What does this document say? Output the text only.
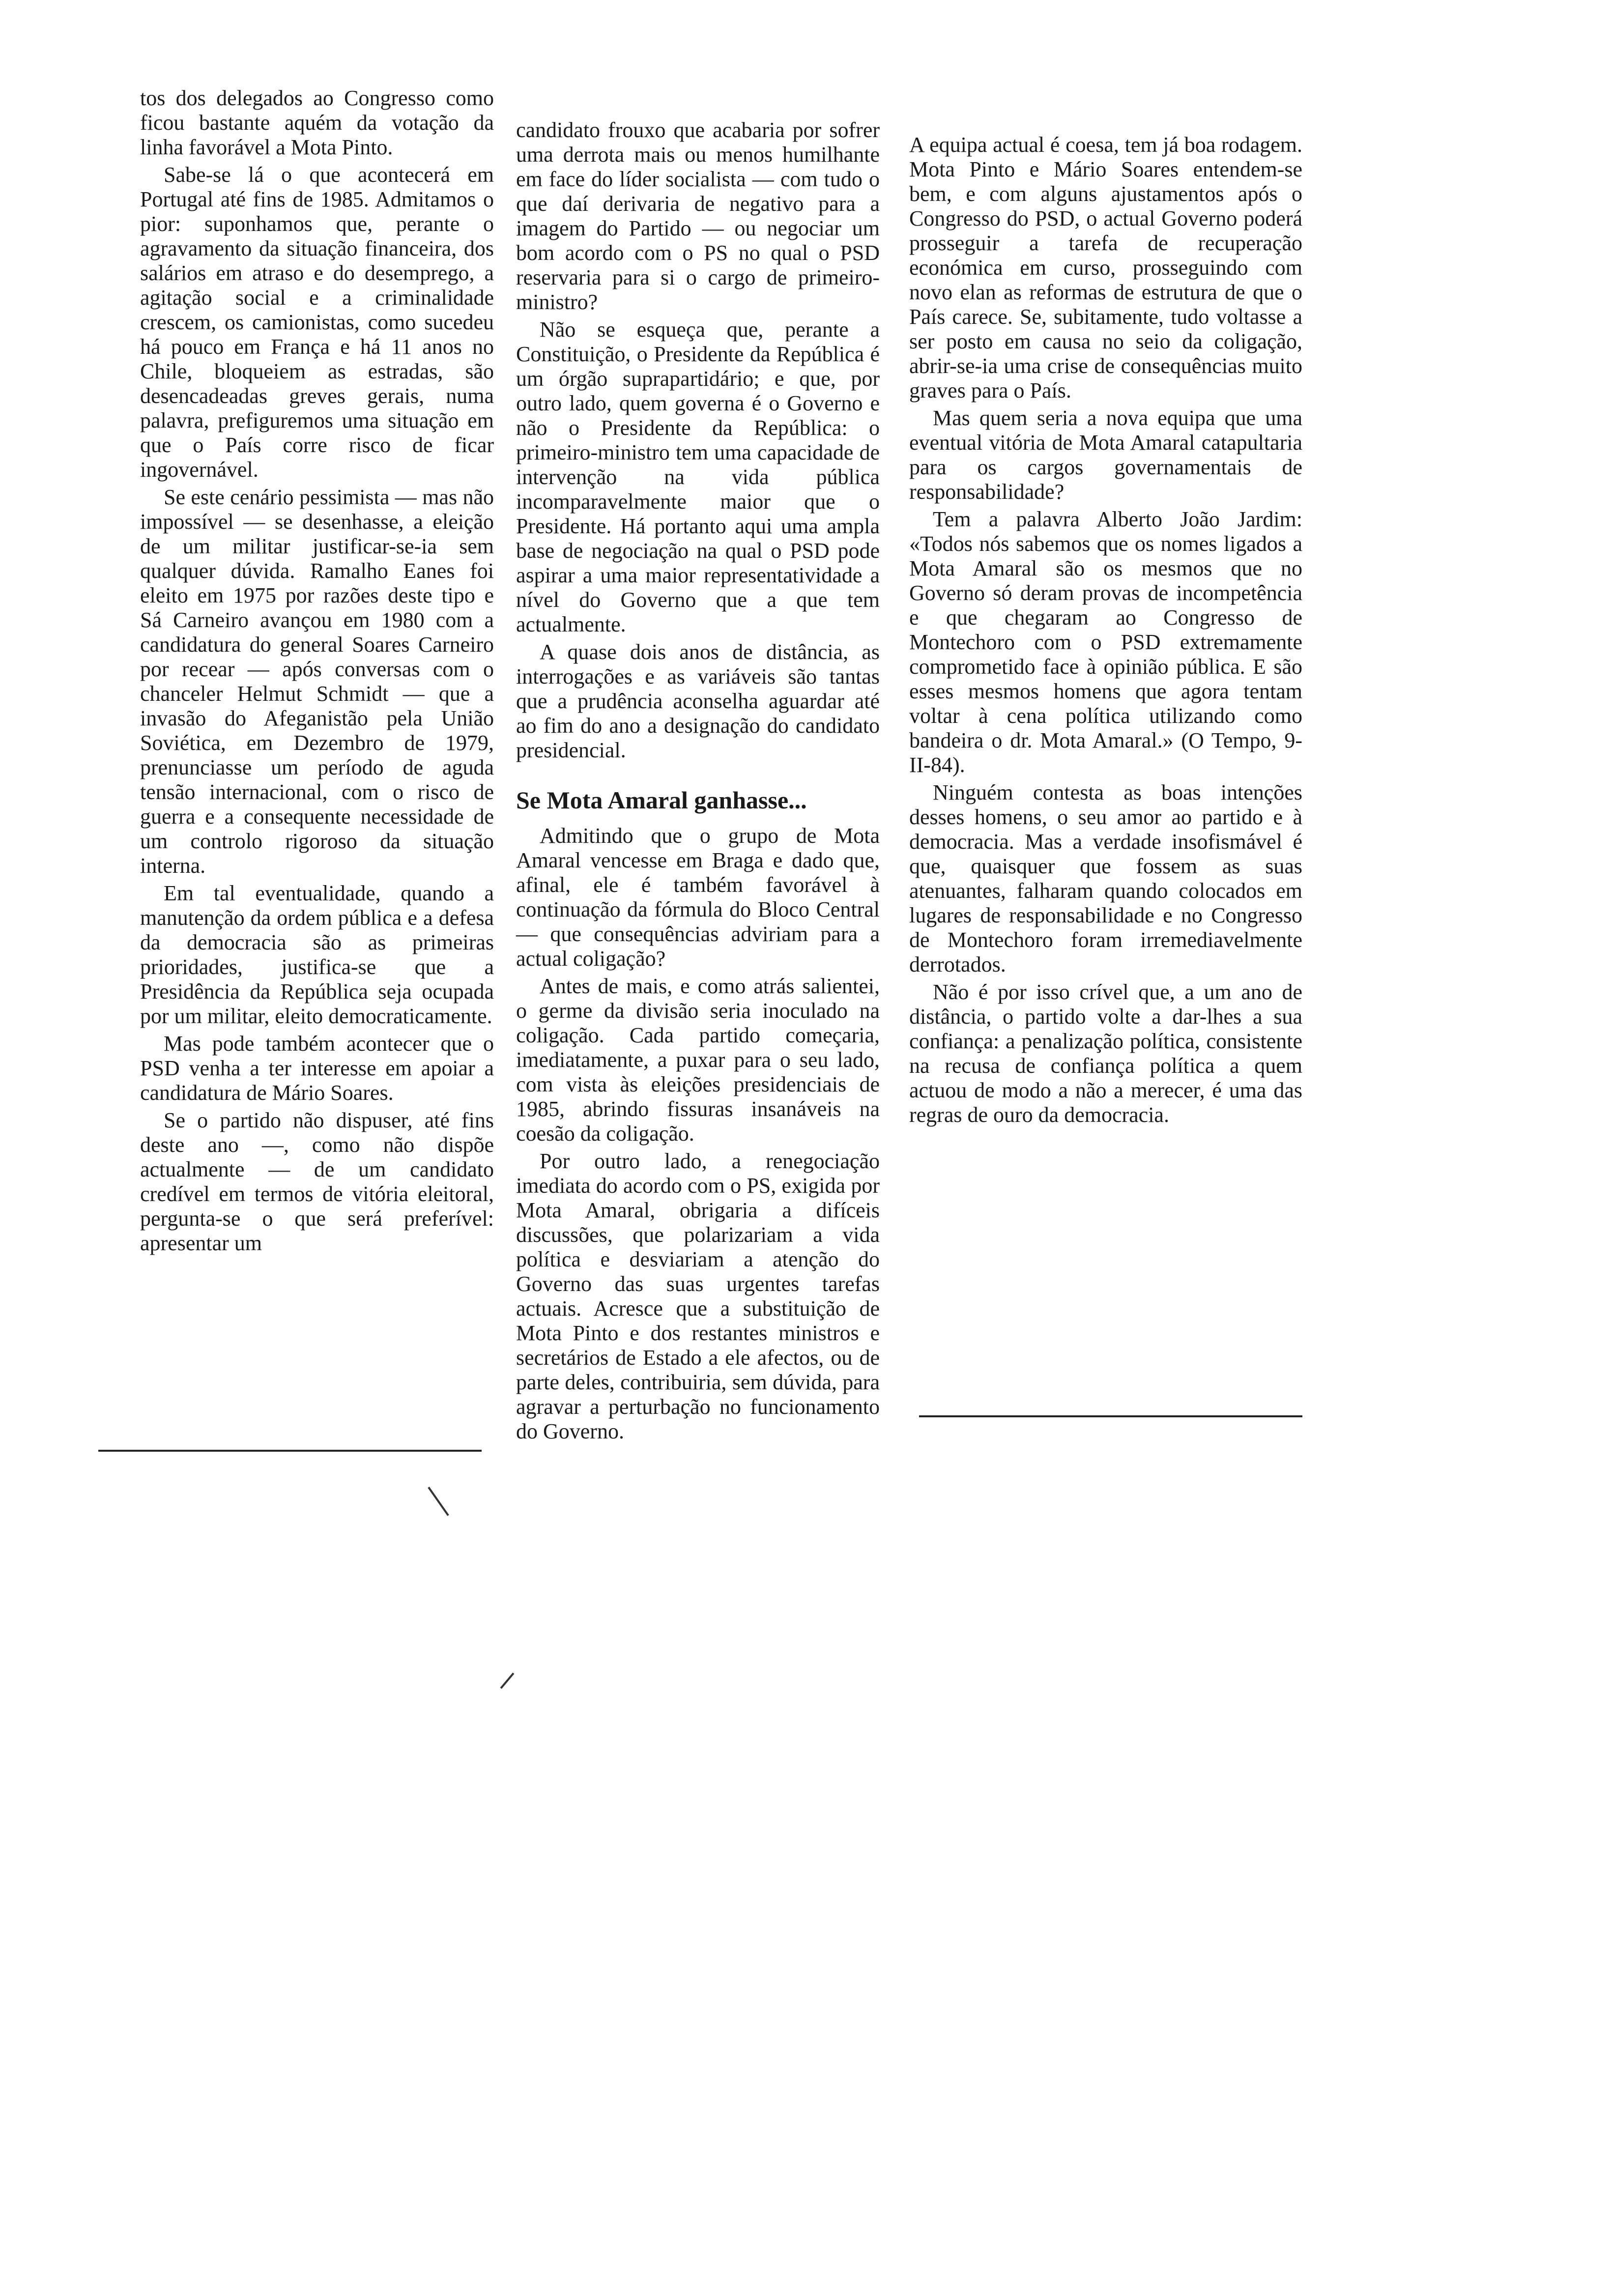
tos dos delegados ao Congresso como ficou bastante aquém da votação da linha favorável a Mota Pinto.

Sabe-se lá o que acontecerá em Portugal até fins de 1985. Admitamos o pior: suponhamos que, perante o agravamento da situação financeira, dos salários em atraso e do desemprego, a agitação social e a criminalidade crescem, os camionistas, como sucedeu há pouco em França e há 11 anos no Chile, bloqueiem as estradas, são desencadeadas greves gerais, numa palavra, prefiguremos uma situação em que o País corre risco de ficar ingovernável.

Se este cenário pessimista — mas não impossível — se desenhasse, a eleição de um militar justificar-se-ia sem qualquer dúvida. Ramalho Eanes foi eleito em 1975 por razões deste tipo e Sá Carneiro avançou em 1980 com a candidatura do general Soares Carneiro por recear — após conversas com o chanceler Helmut Schmidt — que a invasão do Afeganistão pela União Soviética, em Dezembro de 1979, prenunciasse um período de aguda tensão internacional, com o risco de guerra e a consequente necessidade de um controlo rigoroso da situação interna.

Em tal eventualidade, quando a manutenção da ordem pública e a defesa da democracia são as primeiras prioridades, justifica-se que a Presidência da República seja ocupada por um militar, eleito democraticamente.

Mas pode também acontecer que o PSD venha a ter interesse em apoiar a candidatura de Mário Soares.

Se o partido não dispuser, até fins deste ano —, como não dispõe actualmente — de um candidato credível em termos de vitória eleitoral, pergunta-se o que será preferível: apresentar um

candidato frouxo que acabaria por sofrer uma derrota mais ou menos humilhante em face do líder socialista — com tudo o que daí derivaria de negativo para a imagem do Partido — ou negociar um bom acordo com o PS no qual o PSD reservaria para si o cargo de primeiro-ministro?

Não se esqueça que, perante a Constituição, o Presidente da República é um órgão suprapartidário; e que, por outro lado, quem governa é o Governo e não o Presidente da República: o primeiro-ministro tem uma capacidade de intervenção na vida pública incomparavelmente maior que o Presidente. Há portanto aqui uma ampla base de negociação na qual o PSD pode aspirar a uma maior representatividade a nível do Governo que a que tem actualmente.

A quase dois anos de distância, as interrogações e as variáveis são tantas que a prudência aconselha aguardar até ao fim do ano a designação do candidato presidencial.

Se Mota Amaral ganhasse...

Admitindo que o grupo de Mota Amaral vencesse em Braga e dado que, afinal, ele é também favorável à continuação da fórmula do Bloco Central — que consequências adviriam para a actual coligação?

Antes de mais, e como atrás salientei, o germe da divisão seria inoculado na coligação. Cada partido começaria, imediatamente, a puxar para o seu lado, com vista às eleições presidenciais de 1985, abrindo fissuras insanáveis na coesão da coligação.

Por outro lado, a renegociação imediata do acordo com o PS, exigida por Mota Amaral, obrigaria a difíceis discussões, que polarizariam a vida política e desviariam a atenção do Governo das suas urgentes tarefas actuais. Acresce que a substituição de Mota Pinto e dos restantes ministros e secretários de Estado a ele afectos, ou de parte deles, contribuiria, sem dúvida, para agravar a perturbação no funcionamento do Governo.

A equipa actual é coesa, tem já boa rodagem. Mota Pinto e Mário Soares entendem-se bem, e com alguns ajustamentos após o Congresso do PSD, o actual Governo poderá prosseguir a tarefa de recuperação económica em curso, prosseguindo com novo elan as reformas de estrutura de que o País carece. Se, subitamente, tudo voltasse a ser posto em causa no seio da coligação, abrir-se-ia uma crise de consequências muito graves para o País.

Mas quem seria a nova equipa que uma eventual vitória de Mota Amaral catapultaria para os cargos governamentais de responsabilidade?

Tem a palavra Alberto João Jardim: «Todos nós sabemos que os nomes ligados a Mota Amaral são os mesmos que no Governo só deram provas de incompetência e que chegaram ao Congresso de Montechoro com o PSD extremamente comprometido face à opinião pública. E são esses mesmos homens que agora tentam voltar à cena política utilizando como bandeira o dr. Mota Amaral.» (O Tempo, 9-II-84).

Ninguém contesta as boas intenções desses homens, o seu amor ao partido e à democracia. Mas a verdade insofismável é que, quaisquer que fossem as suas atenuantes, falharam quando colocados em lugares de responsabilidade e no Congresso de Montechoro foram irremediavelmente derrotados.

Não é por isso crível que, a um ano de distância, o partido volte a dar-lhes a sua confiança: a penalização política, consistente na recusa de confiança política a quem actuou de modo a não a merecer, é uma das regras de ouro da democracia.
